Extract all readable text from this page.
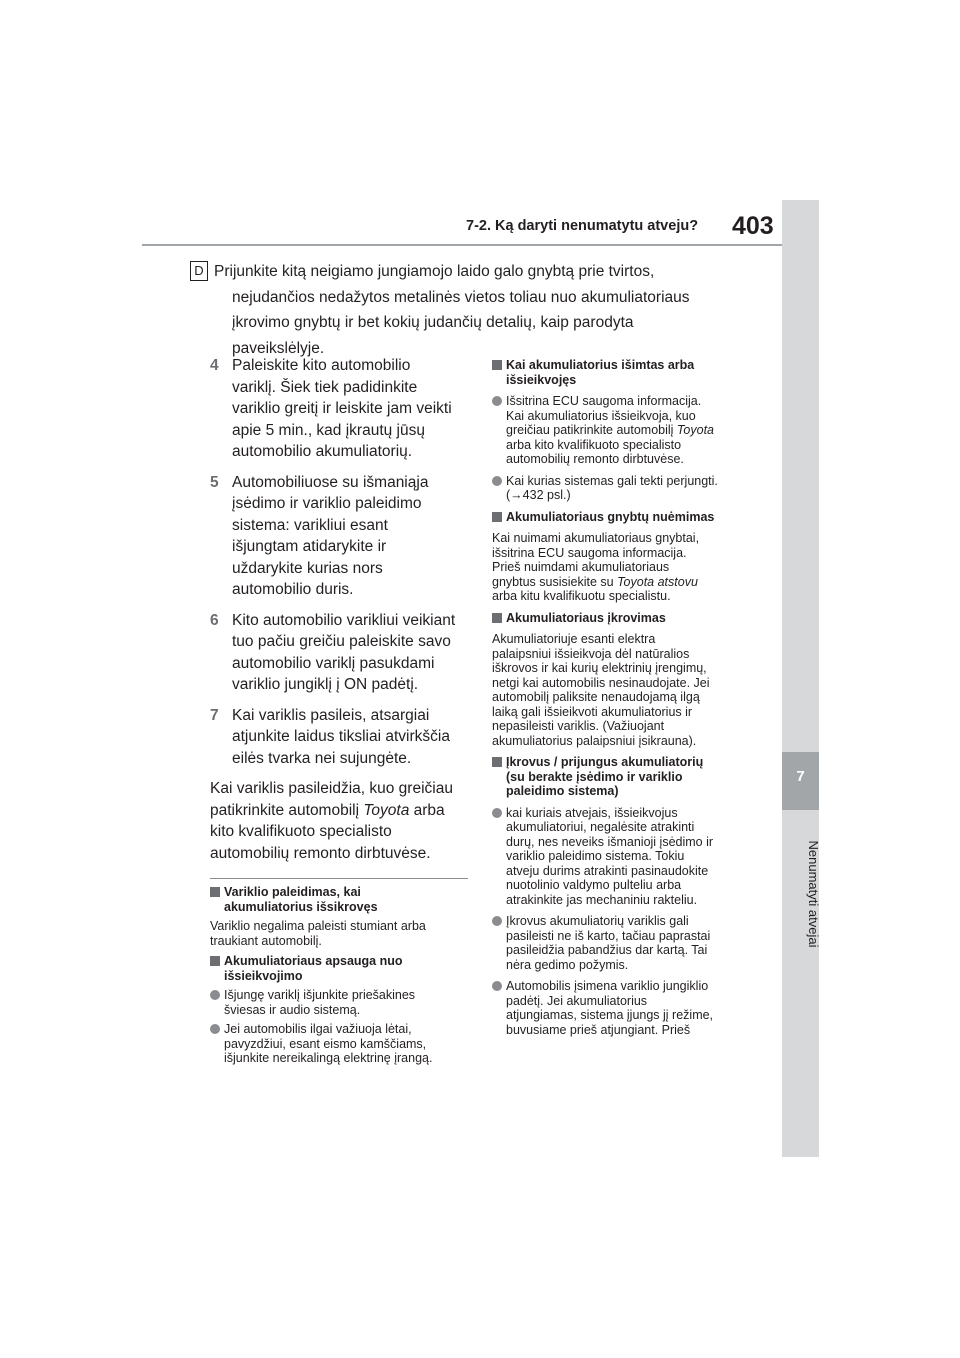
7
Nenumatyti atvejai
7-2. Ką daryti nenumatytu atveju? 403

D Prijunkite kitą neigiamo jungiamojo laido galo gnybtą prie tvirtos,

nejudančios nedažytos metalinės vietos toliau nuo akumuliatoriaus

įkrovimo gnybtų ir bet kokių judančių detalių, kaip parodyta

paveikslėlyje.

4 Paleiskite kito automobilio
variklį. Šiek tiek padidinkite
variklio greitį ir leiskite jam veikti
apie 5 min., kad įkrautų jūsų
automobilio akumuliatorių.
5 Automobiliuose su išmaniąja
įsėdimo ir variklio paleidimo
sistema: varikliui esant
išjungtam atidarykite ir
uždarykite kurias nors
automobilio duris.
6 Kito automobilio varikliui veikiant
tuo pačiu greičiu paleiskite savo
automobilio variklį pasukdami
variklio jungiklį į ON padėtį.
7 Kai variklis pasileis, atsargiai
atjunkite laidus tiksliai atvirkščia
eilės tvarka nei sujungėte.
Kai variklis pasileidžia, kuo greičiau
patikrinkite automobilį Toyota arba
kito kvalifikuoto specialisto
automobilių remonto dirbtuvėse.
Variklio paleidimas, kai
akumuliatorius išsikrovęs
Variklio negalima paleisti stumiant arba
traukiant automobilį.
Akumuliatoriaus apsauga nuo
išsieikvojimo
Išjungę variklį išjunkite priešakines
šviesas ir audio sistemą.
Jei automobilis ilgai važiuoja lėtai,
pavyzdžiui, esant eismo kamščiams,
išjunkite nereikalingą elektrinę įrangą.
Kai akumuliatorius išimtas arba
išsieikvojęs
Išsitrina ECU saugoma informacija.
Kai akumuliatorius išsieikvoja, kuo
greičiau patikrinkite automobilį Toyota
arba kito kvalifikuoto specialisto
automobilių remonto dirbtuvėse.
Kai kurias sistemas gali tekti perjungti.
(→432 psl.)
Akumuliatoriaus gnybtų nuėmimas
Kai nuimami akumuliatoriaus gnybtai,
išsitrina ECU saugoma informacija.
Prieš nuimdami akumuliatoriaus
gnybtus susisiekite su Toyota atstovu
arba kitu kvalifikuotu specialistu.
Akumuliatoriaus įkrovimas
Akumuliatoriuje esanti elektra
palaipsniui išsieikvoja dėl natūralios
iškrovos ir kai kurių elektrinių įrengimų,
netgi kai automobilis nesinaudojate. Jei
automobilį paliksite nenaudojamą ilgą
laiką gali išsieikvoti akumuliatorius ir
nepasileisti variklis. (Važiuojant
akumuliatorius palaipsniui įsikrauna).
Įkrovus / prijungus akumuliatorių
(su berakte įsėdimo ir variklio
paleidimo sistema)
kai kuriais atvejais, išsieikvojus
akumuliatoriui, negalėsite atrakinti
durų, nes neveiks išmanioji įsėdimo ir
variklio paleidimo sistema. Tokiu
atveju durims atrakinti pasinaudokite
nuotolinio valdymo pulteliu arba
atrakinkite jas mechaniniu rakteliu.
Įkrovus akumuliatorių variklis gali
pasileisti ne iš karto, tačiau paprastai
pasileidžia pabandžius dar kartą. Tai
nėra gedimo požymis.
Automobilis įsimena variklio jungiklio
padėtį. Jei akumuliatorius
atjungiamas, sistema įjungs jį režime,
buvusiame prieš atjungiant. Prieš
